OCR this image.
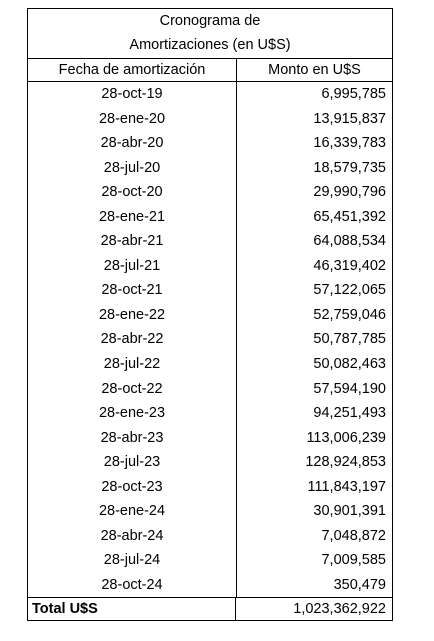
Cronograma de
Amortizaciones (en U$S)
Fecha de amortización	Monto en U$S
28-oct-19	6,995,785
28-ene-20	13,915,837
28-abr-20	16,339,783
28-jul-20	18,579,735
28-oct-20	29,990,796
28-ene-21	65,451,392
28-abr-21	64,088,534
28-jul-21	46,319,402
28-oct-21	57,122,065
28-ene-22	52,759,046
28-abr-22	50,787,785
28-jul-22	50,082,463
28-oct-22	57,594,190
28-ene-23	94,251,493
28-abr-23	113,006,239
28-jul-23	128,924,853
28-oct-23	111,843,197
28-ene-24	30,901,391
28-abr-24	7,048,872
28-jul-24	7,009,585
28-oct-24	350,479
Total U$S	1,023,362,922
